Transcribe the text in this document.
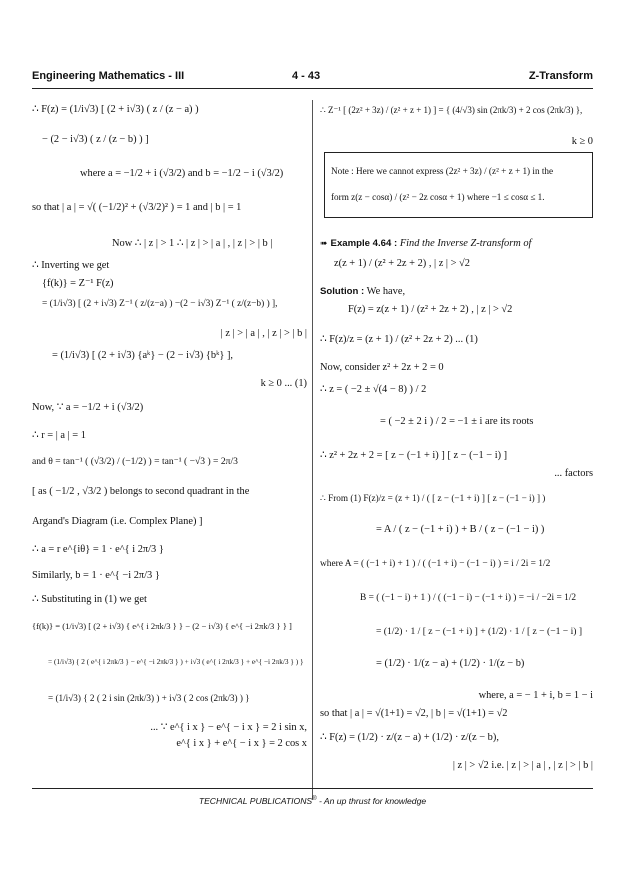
Engineering Mathematics - III	4 - 43	Z-Transform
∴ F(z) = (1/i√3) [ (2 + i√3) ( z / (z − a) )
− (2 − i√3) ( z / (z − b) ) ]
where a = −1/2 + i (√3/2) and b = −1/2 − i (√3/2)
so that | a | = √( (−1/2)² + (√3/2)² ) = 1 and | b | = 1
Now ∴ | z | > 1 ∴ | z | > | a | , | z | > | b |
∴ Inverting we get
{f(k)} = Z⁻¹ F(z)
= (1/i√3) [ (2 + i√3) Z⁻¹ ( z/(z−a) ) −(2 − i√3) Z⁻¹ ( z/(z−b) ) ],
| z | > | a | , | z | > | b |
= (1/i√3) [ (2 + i√3) {aᵏ} − (2 − i√3) {bᵏ} ],
k ≥ 0 ... (1)
Now, ∵ a = −1/2 + i (√3/2)
∴ r = | a | = 1
and θ = tan⁻¹ ( (√3/2) / (−1/2) ) = tan⁻¹ ( −√3 ) = 2π/3
[ as ( −1/2 , √3/2 ) belongs to second quadrant in the
Argand's Diagram (i.e. Complex Plane) ]
∴ a = r e^{iθ} = 1 · e^{ i 2π/3 }
Similarly, b = 1 · e^{ −i 2π/3 }
∴ Substituting in (1) we get
{f(k)} = (1/i√3) [ (2 + i√3) { e^{ i 2πk/3 } } − (2 − i√3) { e^{ −i 2πk/3 } } ]
= (1/i√3) { 2 ( e^{ i 2πk/3 } − e^{ −i 2πk/3 } ) + i√3 ( e^{ i 2πk/3 } + e^{ −i 2πk/3 } ) }
= (1/i√3) { 2 ( 2 i sin (2πk/3) ) + i√3 ( 2 cos (2πk/3) ) }
... ∵ e^{ i x } − e^{ − i x } = 2 i sin x,
e^{ i x } + e^{ − i x } = 2 cos x
∴ Z⁻¹ [ (2z² + 3z) / (z² + z + 1) ] = { (4/√3) sin (2πk/3) + 2 cos (2πk/3) },
k ≥ 0
Note : Here we cannot express (2z² + 3z) / (z² + z + 1) in the
form z(z − cosα) / (z² − 2z cosα + 1) where −1 ≤ cosα ≤ 1.
➠ Example 4.64 : Find the Inverse Z-transform of
z(z + 1) / (z² + 2z + 2) , | z | > √2
Solution : We have,
F(z) = z(z + 1) / (z² + 2z + 2) , | z | > √2
∴ F(z)/z = (z + 1) / (z² + 2z + 2) ... (1)
Now, consider z² + 2z + 2 = 0
∴ z = ( −2 ± √(4 − 8) ) / 2
= ( −2 ± 2 i ) / 2 = −1 ± i are its roots
∴ z² + 2z + 2 = [ z − (−1 + i) ] [ z − (−1 − i) ]
... factors
∴ From (1) F(z)/z = (z + 1) / ( [ z − (−1 + i) ] [ z − (−1 − i) ] )
= A / ( z − (−1 + i) ) + B / ( z − (−1 − i) )
where A = ( (−1 + i) + 1 ) / ( (−1 + i) − (−1 − i) ) = i / 2i = 1/2
B = ( (−1 − i) + 1 ) / ( (−1 − i) − (−1 + i) ) = −i / −2i = 1/2
= (1/2) · 1 / [ z − (−1 + i) ] + (1/2) · 1 / [ z − (−1 − i) ]
= (1/2) · 1/(z − a) + (1/2) · 1/(z − b)
where, a = − 1 + i, b = 1 − i
so that | a | = √(1+1) = √2, | b | = √(1+1) = √2
∴ F(z) = (1/2) · z/(z − a) + (1/2) · z/(z − b),
| z | > √2 i.e. | z | > | a | , | z | > | b |
TECHNICAL PUBLICATIONS® - An up thrust for knowledge
